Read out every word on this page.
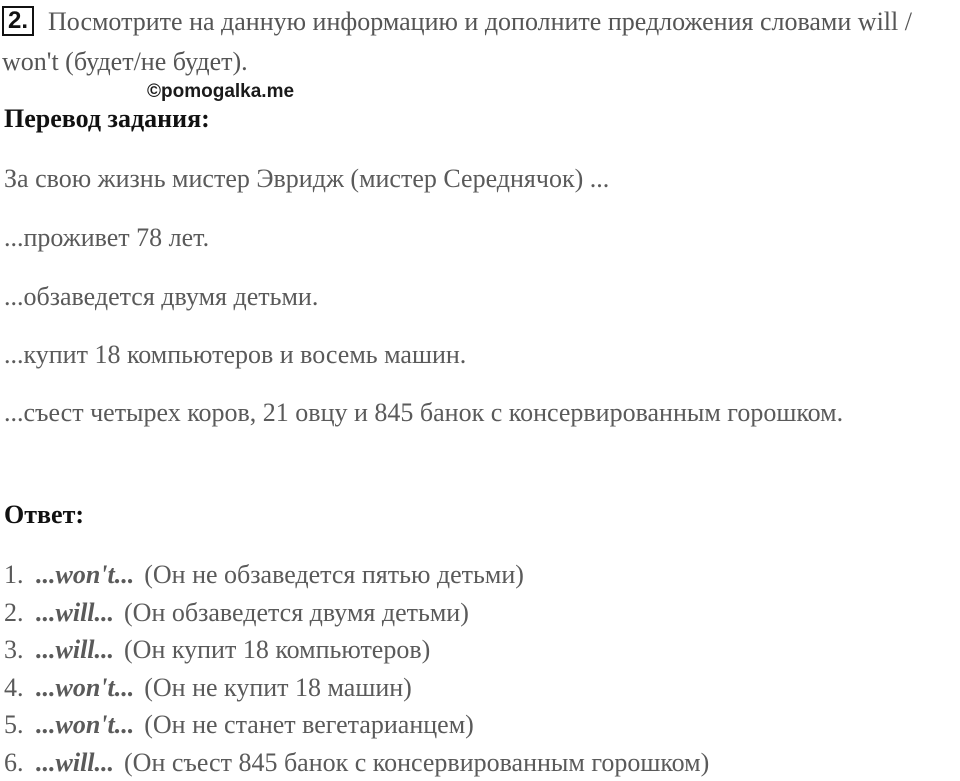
2. Посмотрите на данную информацию и дополните предложения словами will / won't (будет/не будет).
©pomogalka.me
Перевод задания:
За свою жизнь мистер Эвридж (мистер Середнячок) ...
...проживет 78 лет.
...обзаведется двумя детьми.
...купит 18 компьютеров и восемь машин.
...съест четырех коров, 21 овцу и 845 банок с консервированным горошком.
Ответ:
1. ...won't... (Он не обзаведется пятью детьми)
2. ...will... (Он обзаведется двумя детьми)
3. ...will... (Он купит 18 компьютеров)
4. ...won't... (Он не купит 18 машин)
5. ...won't... (Он не станет вегетарианцем)
6. ...will... (Он съест 845 банок с консервированным горошком)
